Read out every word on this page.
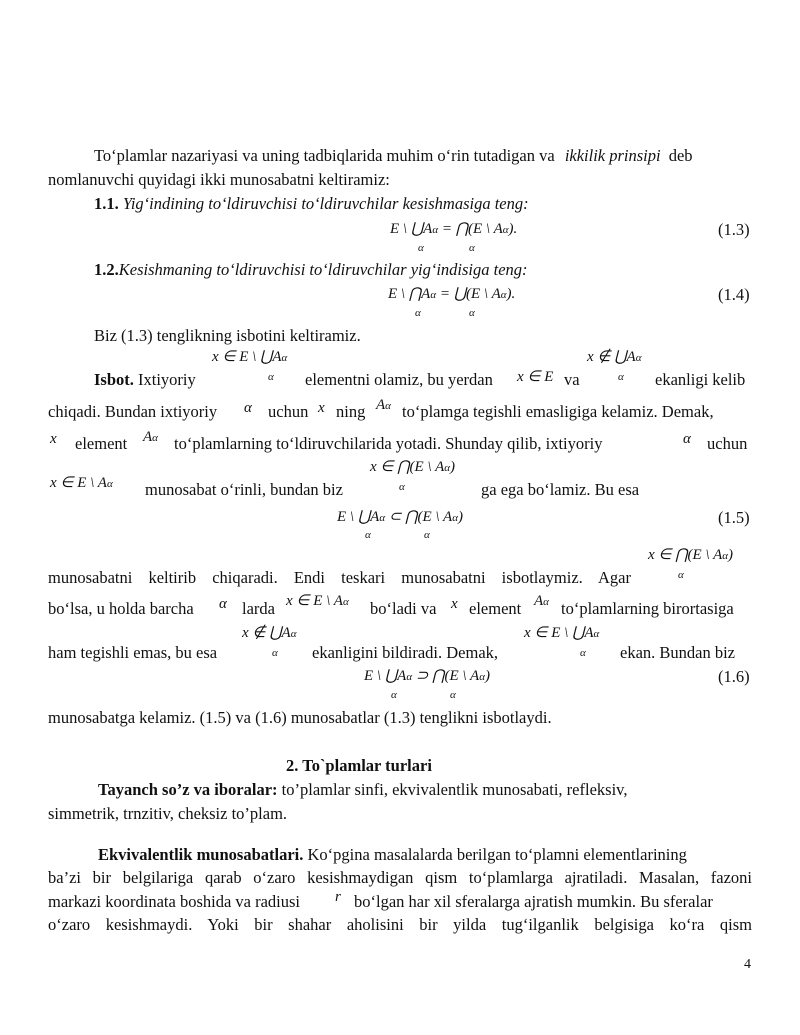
To‘plamlar nazariyasi va uning tadbiqlarida muhim o‘rin tutadigan va ikkilik prinsipi deb
nomlanuvchi quyidagi ikki munosabatni keltiramiz:
1.1. Yig‘indining to‘ldiruvchisi to‘ldiruvchilar kesishmasiga teng:
E \ ⋃Aα = ⋂(E \ Aα).
α	α
(1.3)
1.2.Kesishmaning to‘ldiruvchisi to‘ldiruvchilar yig‘indisiga teng:
E \ ⋂Aα = ⋃(E \ Aα).
α	α
(1.4)
Biz (1.3) tenglikning isbotini keltiramiz.
x ∈ E \ ⋃Aα
α
x ∉ ⋃Aα
α
Isbot. Ixtiyoriy	elementni olamiz, bu yerdan x ∈ E va	ekanligi kelib
chiqadi. Bundan ixtiyoriy α uchun x ning Aα to‘plamga tegishli emasligiga kelamiz. Demak,
x element Aα to‘plamlarning to‘ldiruvchilarida yotadi. Shunday qilib, ixtiyoriy	α uchun
x ∈ ⋂(E \ Aα)
α
x ∈ E \ Aα munosabat o‘rinli, bundan biz	ga ega bo‘lamiz. Bu esa
E \ ⋃Aα ⊂ ⋂(E \ Aα)
α	α
(1.5)
x ∈ ⋂(E \ Aα)
α
munosabatni keltirib chiqaradi. Endi teskari munosabatni isbotlaymiz. Agar
bo‘lsa, u holda barcha α larda x ∈ E \ Aα bo‘ladi va x element Aα to‘plamlarning birortasiga
x ∉ ⋃Aα
α
x ∈ E \ ⋃Aα
α
ham tegishli emas, bu esa	ekanligini bildiradi. Demak,	ekan. Bundan biz
E \ ⋃Aα ⊃ ⋂(E \ Aα)
α	α
(1.6)
munosabatga kelamiz. (1.5) va (1.6) munosabatlar (1.3) tenglikni isbotlaydi.
2. To`plamlar turlari
Tayanch so’z va iboralar: to’plamlar sinfi, ekvivalentlik munosabati, refleksiv,
simmetrik, trnzitiv, cheksiz to’plam.
Ekvivalentlik munosabatlari. Ko‘pgina masalalarda berilgan to‘plamni elementlarining
ba’zi bir belgilariga qarab o‘zaro kesishmaydigan qism to‘plamlarga ajratiladi. Masalan, fazoni
markazi koordinata boshida va radiusi r bo‘lgan har xil sferalarga ajratish mumkin. Bu sferalar
o‘zaro kesishmaydi. Yoki bir shahar aholisini bir yilda tug‘ilganlik belgisiga ko‘ra qism
4
